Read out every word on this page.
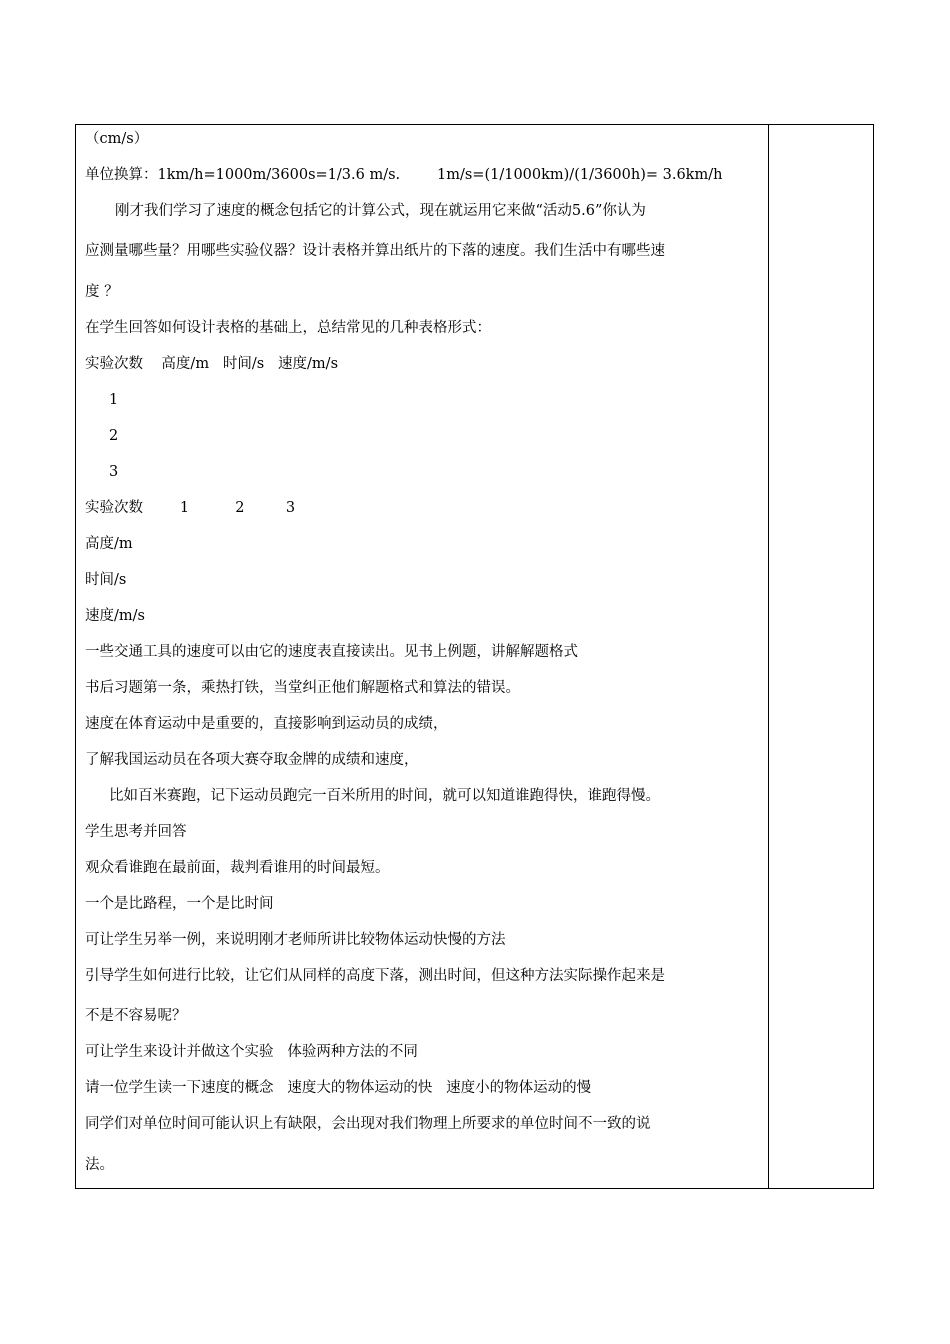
（cm/s）
单位换算：1km/h=1000m/3600s=1/3.6 m/s.        1m/s=(1/1000km)/(1/3600h)= 3.6km/h
刚才我们学习了速度的概念包括它的计算公式，现在就运用它来做“活动5.6”你认为
应测量哪些量？用哪些实验仪器？设计表格并算出纸片的下落的速度。我们生活中有哪些速
度 ？
在学生回答如何设计表格的基础上，总结常见的几种表格形式：
实验次数    高度/m   时间/s   速度/m/s
1
2
3
实验次数        1          2         3
高度/m
时间/s
速度/m/s
一些交通工具的速度可以由它的速度表直接读出。见书上例题，讲解解题格式
书后习题第一条，乘热打铁，当堂纠正他们解题格式和算法的错误。
速度在体育运动中是重要的，直接影响到运动员的成绩，
了解我国运动员在各项大赛夺取金牌的成绩和速度，
比如百米赛跑，记下运动员跑完一百米所用的时间，就可以知道谁跑得快，谁跑得慢。
学生思考并回答
观众看谁跑在最前面，裁判看谁用的时间最短。
一个是比路程，一个是比时间
可让学生另举一例，来说明刚才老师所讲比较物体运动快慢的方法
引导学生如何进行比较，让它们从同样的高度下落，测出时间，但这种方法实际操作起来是
不是不容易呢？
可让学生来设计并做这个实验   体验两种方法的不同
请一位学生读一下速度的概念   速度大的物体运动的快   速度小的物体运动的慢
同学们对单位时间可能认识上有缺限，会出现对我们物理上所要求的单位时间不一致的说
法。
